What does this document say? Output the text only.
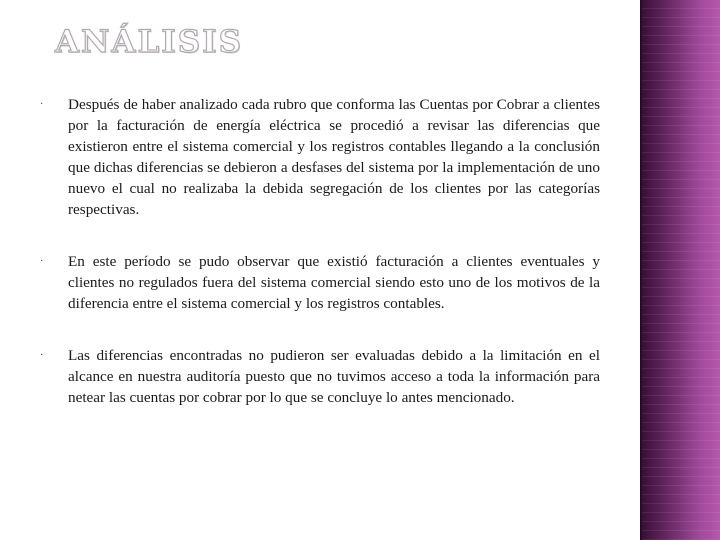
ANÁLISIS
· Después de haber analizado cada rubro que conforma las Cuentas por Cobrar a clientes por la facturación de energía eléctrica se procedió a revisar las diferencias que existieron entre el sistema comercial y los registros contables llegando a la conclusión que dichas diferencias se debieron a desfases del sistema por la implementación de uno nuevo el cual no realizaba la debida segregación de los clientes por las categorías respectivas.
· En este período se pudo observar que existió facturación a clientes eventuales y clientes no regulados fuera del sistema comercial siendo esto uno de los motivos de la diferencia entre el sistema comercial y los registros contables.
· Las diferencias encontradas no pudieron ser evaluadas debido a la limitación en el alcance en nuestra auditoría puesto que no tuvimos acceso a toda la información para netear las cuentas por cobrar por lo que se concluye lo antes mencionado.
